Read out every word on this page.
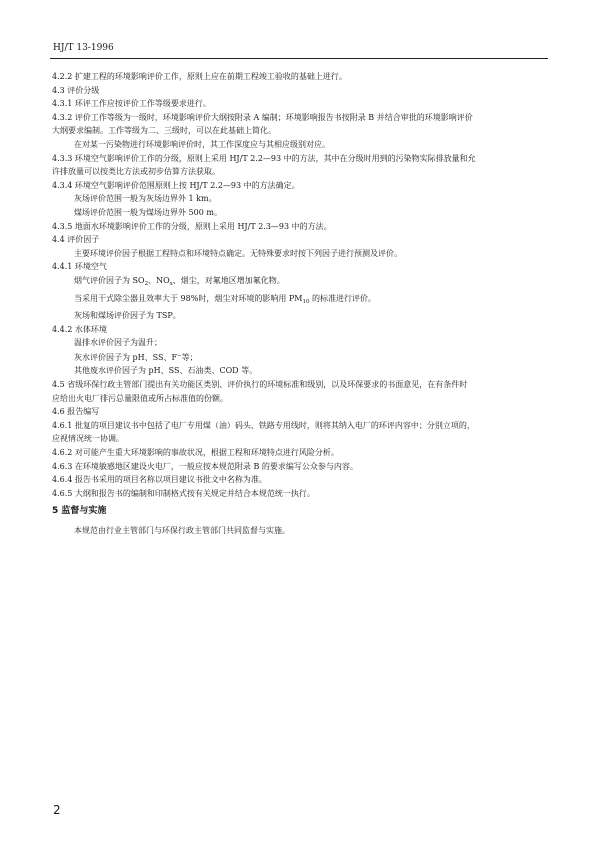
HJ/T 13-1996

4.2.2 扩建工程的环境影响评价工作，原则上应在前期工程竣工验收的基础上进行。

4.3 评价分级

4.3.1 环评工作应按评价工作等级要求进行。

4.3.2 评价工作等级为一级时，环境影响评价大纲按附录 A 编制；环境影响报告书按附录 B 并结合审批的环境影响评价

大纲要求编制。工作等级为二、三级时，可以在此基础上简化。

在对某一污染物进行环境影响评价时，其工作深度应与其相应级别对应。

4.3.3 环境空气影响评价工作的分级，原则上采用 HJ/T 2.2—93 中的方法，其中在分级时用到的污染物实际排放量和允

许排放量可以按类比方法或初步估算方法获取。

4.3.4 环境空气影响评价范围原则上按 HJ/T 2.2—93 中的方法确定。

灰场评价范围一般为灰场边界外 1 km。

煤场评价范围一般为煤场边界外 500 m。

4.3.5 地面水环境影响评价工作的分级，原则上采用 HJ/T 2.3—93 中的方法。

4.4 评价因子

主要环境评价因子根据工程特点和环境特点确定。无特殊要求时按下列因子进行预测及评价。

4.4.1 环境空气

烟气评价因子为 $SO_2$、$NO_x$、烟尘，对氟地区增加氟化物。

当采用干式除尘器且效率大于 98%时，烟尘对环境的影响用 $PM_{10}$ 的标准进行评价。

灰场和煤场评价因子为 TSP。

4.4.2 水体环境

温排水评价因子为温升；

灰水评价因子为 pH、SS、F−等；

其他废水评价因子为 pH、SS、石油类、COD 等。

4.5 省级环保行政主管部门提出有关功能区类别、评价执行的环境标准和级别，以及环保要求的书面意见，在有条件时

应给出火电厂排污总量限值或所占标准值的份额。

4.6 报告编写

4.6.1 批复的项目建议书中包括了电厂专用煤（油）码头、铁路专用线时，则将其纳入电厂的环评内容中；分别立项的，

应视情况统一协调。

4.6.2 对可能产生重大环境影响的事故状况，根据工程和环境特点进行风险分析。

4.6.3 在环境敏感地区建设火电厂，一般应按本规范附录 B 的要求编写公众参与内容。

4.6.4 报告书采用的项目名称以项目建议书批文中名称为准。

4.6.5 大纲和报告书的编制和印制格式按有关规定并结合本规范统一执行。

5 监督与实施

本规范由行业主管部门与环保行政主管部门共同监督与实施。

2
